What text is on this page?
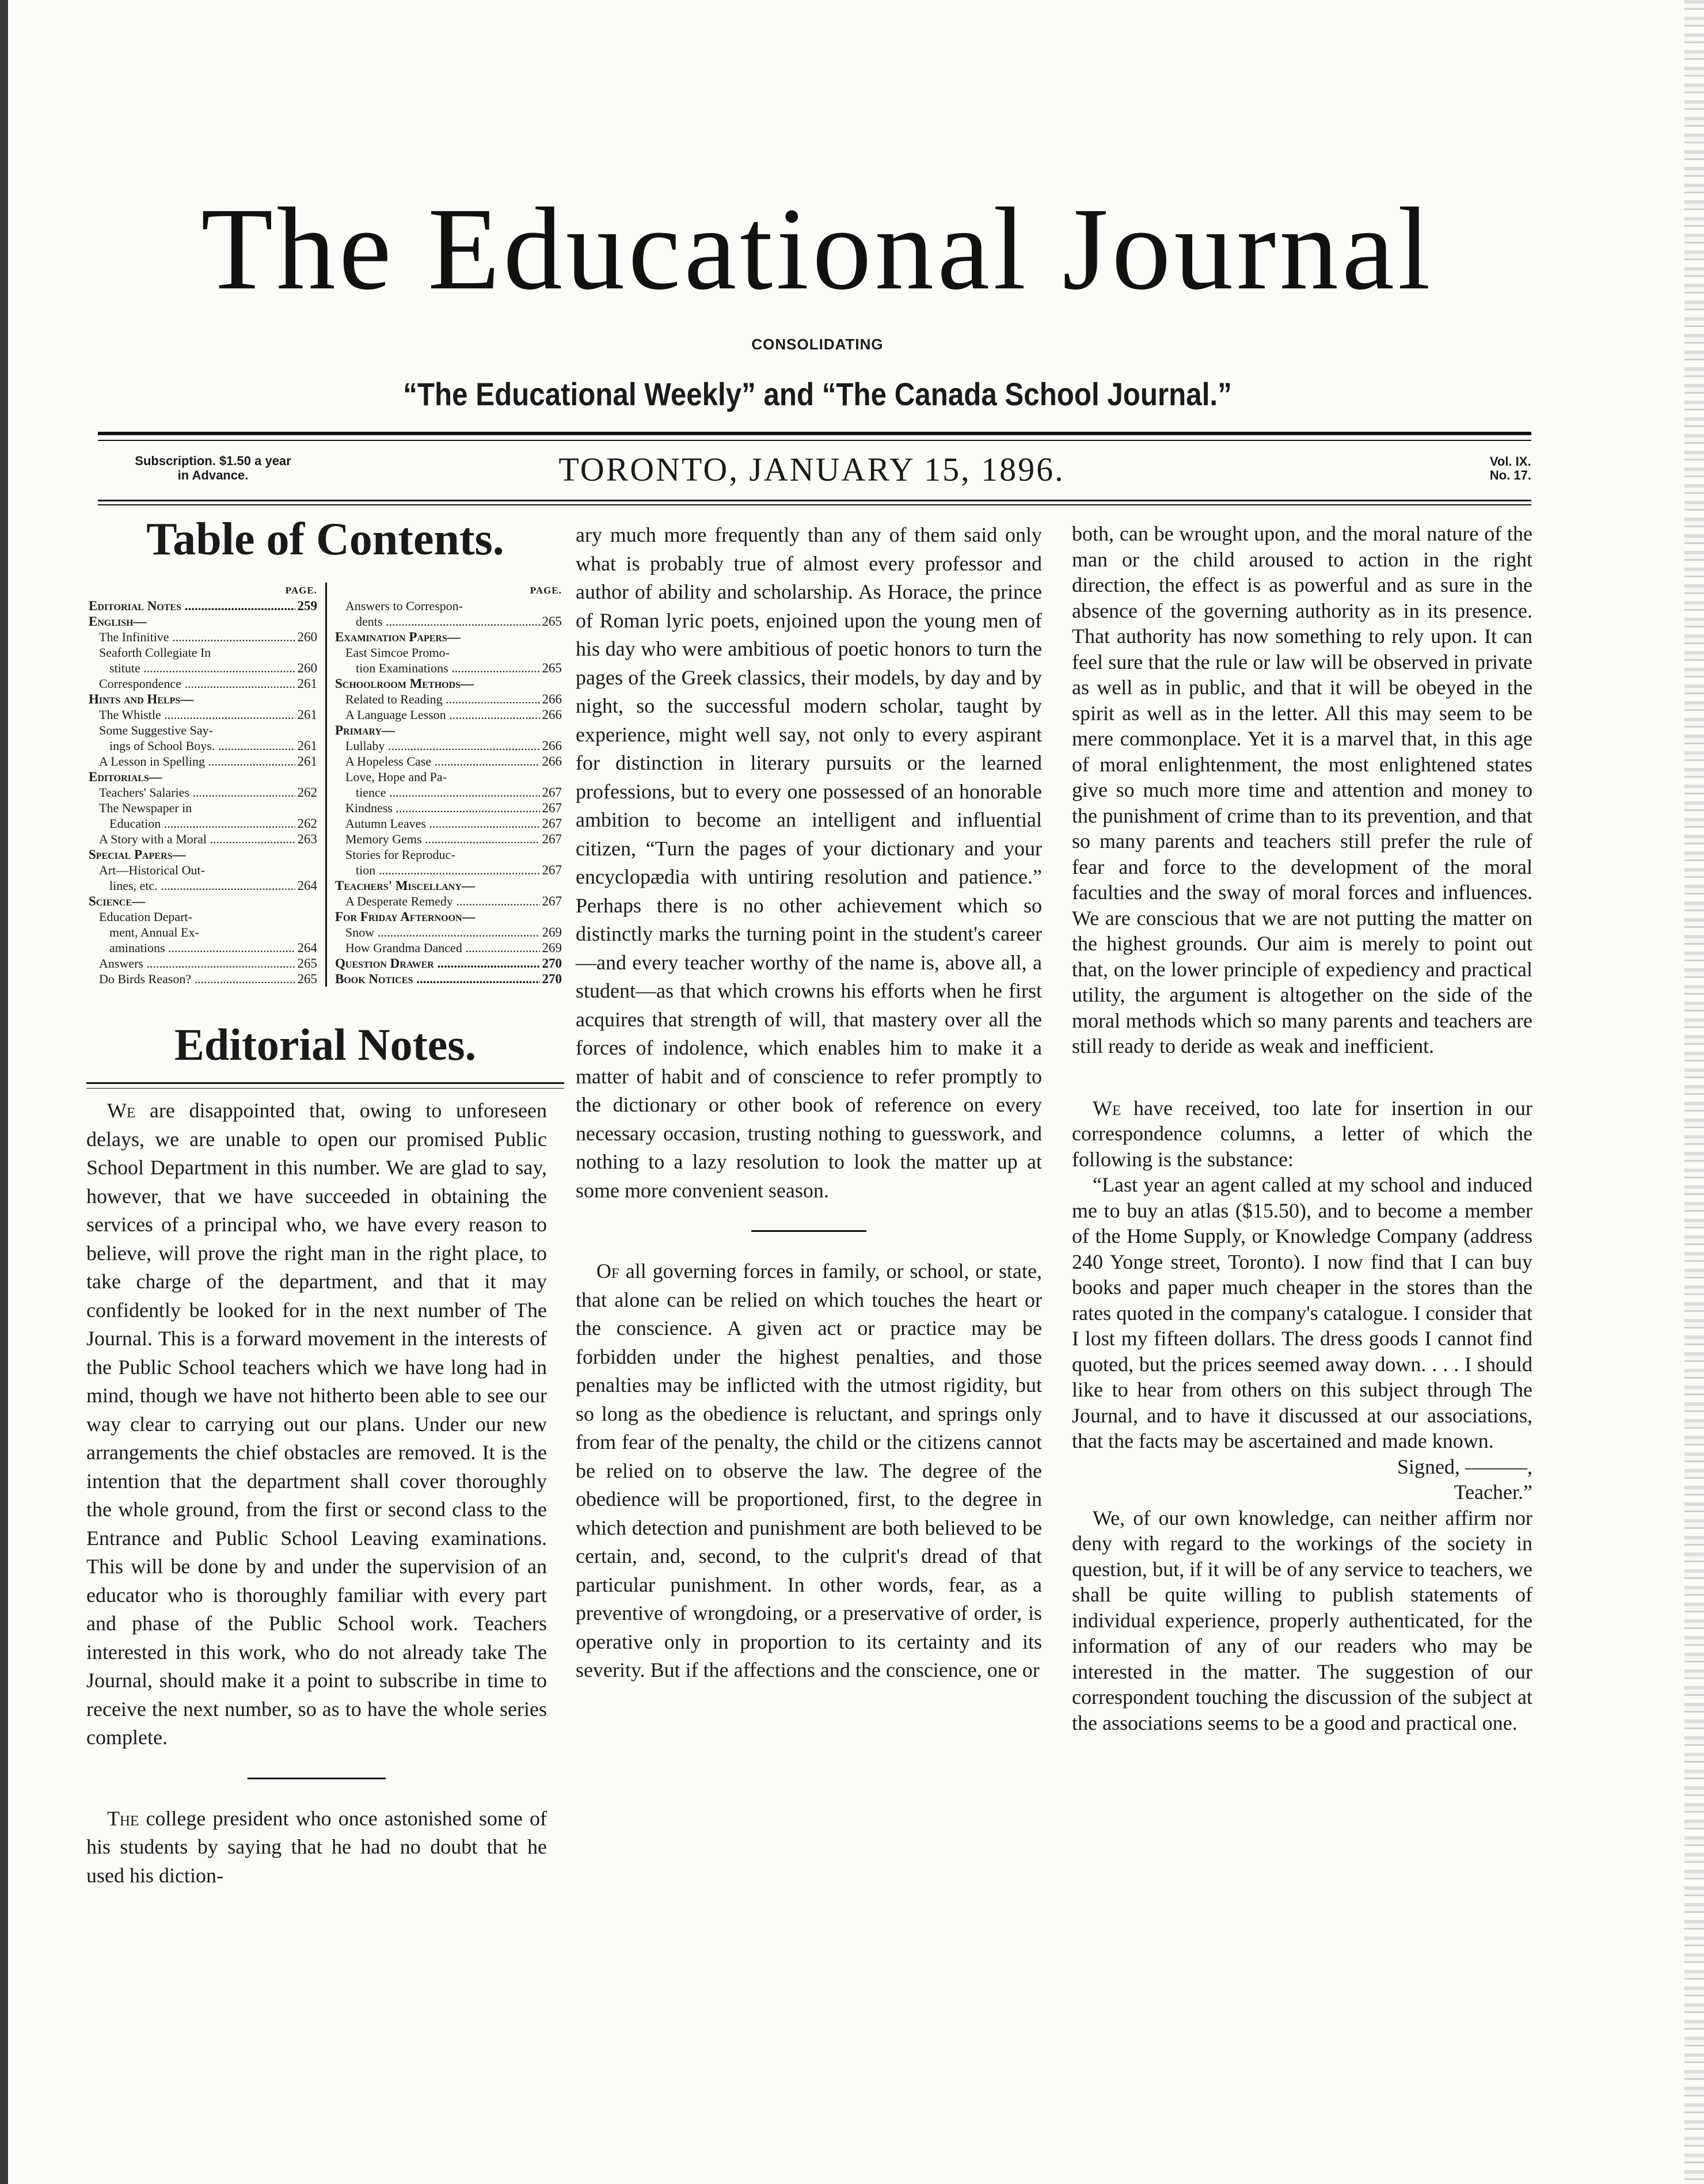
The Educational Journal
CONSOLIDATING
“The Educational Weekly” and “The Canada School Journal.”
Subscription. $1.50 a year
in Advance.	TORONTO, JANUARY 15, 1896.	Vol. IX.
No. 17.
Table of Contents.
PAGE.
Editorial Notes .....	259
English—
The Infinitive .....	260
Seaforth Collegiate In
stitute .....	260
Correspondence .....	261
Hints and Helps—
The Whistle .....	261
Some Suggestive Say-
ings of School Boys. .....	261
A Lesson in Spelling .....	261
Editorials—
Teachers' Salaries .....	262
The Newspaper in
Education .....	262
A Story with a Moral .....	263
Special Papers—
Art—Historical Out-
lines, etc. .....	264
Science—
Education Depart-
ment, Annual Ex-
aminations .....	264
Answers .....	265
Do Birds Reason? .....	265
PAGE.
Answers to Correspon-
dents .....	265
Examination Papers—
East Simcoe Promo-
tion Examinations .....	265
Schoolroom Methods—
Related to Reading .....	266
A Language Lesson .....	266
Primary—
Lullaby .....	266
A Hopeless Case .....	266
Love, Hope and Pa-
tience .....	267
Kindness .....	267
Autumn Leaves .....	267
Memory Gems .....	267
Stories for Reproduc-
tion .....	267
Teachers' Miscellany—
A Desperate Remedy .....	267
For Friday Afternoon—
Snow .....	269
How Grandma Danced .....	269
Question Drawer .....	270
Book Notices .....	270
Editorial Notes.

We are disappointed that, owing to unforeseen delays, we are unable to open our promised Public School Department in this number. We are glad to say, however, that we have succeeded in obtaining the services of a principal who, we have every reason to believe, will prove the right man in the right place, to take charge of the department, and that it may confidently be looked for in the next number of The Journal. This is a forward movement in the interests of the Public School teachers which we have long had in mind, though we have not hitherto been able to see our way clear to carrying out our plans. Under our new arrangements the chief obstacles are removed. It is the intention that the department shall cover thoroughly the whole ground, from the first or second class to the Entrance and Public School Leaving examinations. This will be done by and under the supervision of an educator who is thoroughly familiar with every part and phase of the Public School work. Teachers interested in this work, who do not already take The Journal, should make it a point to subscribe in time to receive the next number, so as to have the whole series complete.

The college president who once astonished some of his students by saying that he had no doubt that he used his diction-

ary much more frequently than any of them said only what is probably true of almost every professor and author of ability and scholarship. As Horace, the prince of Roman lyric poets, enjoined upon the young men of his day who were ambitious of poetic honors to turn the pages of the Greek classics, their models, by day and by night, so the successful modern scholar, taught by experience, might well say, not only to every aspirant for distinction in literary pursuits or the learned professions, but to every one possessed of an honorable ambition to become an intelligent and influential citizen, “Turn the pages of your dictionary and your encyclopædia with untiring resolution and patience.” Perhaps there is no other achievement which so distinctly marks the turning point in the student's career—and every teacher worthy of the name is, above all, a student—as that which crowns his efforts when he first acquires that strength of will, that mastery over all the forces of indolence, which enables him to make it a matter of habit and of conscience to refer promptly to the dictionary or other book of reference on every necessary occasion, trusting nothing to guesswork, and nothing to a lazy resolution to look the matter up at some more convenient season.

Of all governing forces in family, or school, or state, that alone can be relied on which touches the heart or the conscience. A given act or practice may be forbidden under the highest penalties, and those penalties may be inflicted with the utmost rigidity, but so long as the obedience is reluctant, and springs only from fear of the penalty, the child or the citizens cannot be relied on to observe the law. The degree of the obedience will be proportioned, first, to the degree in which detection and punishment are both believed to be certain, and, second, to the culprit's dread of that particular punishment. In other words, fear, as a preventive of wrongdoing, or a preservative of order, is operative only in proportion to its certainty and its severity. But if the affections and the conscience, one or

both, can be wrought upon, and the moral nature of the man or the child aroused to action in the right direction, the effect is as powerful and as sure in the absence of the governing authority as in its presence. That authority has now something to rely upon. It can feel sure that the rule or law will be observed in private as well as in public, and that it will be obeyed in the spirit as well as in the letter. All this may seem to be mere commonplace. Yet it is a marvel that, in this age of moral enlightenment, the most enlightened states give so much more time and attention and money to the punishment of crime than to its prevention, and that so many parents and teachers still prefer the rule of fear and force to the development of the moral faculties and the sway of moral forces and influences. We are conscious that we are not putting the matter on the highest grounds. Our aim is merely to point out that, on the lower principle of expediency and practical utility, the argument is altogether on the side of the moral methods which so many parents and teachers are still ready to deride as weak and inefficient.

We have received, too late for insertion in our correspondence columns, a letter of which the following is the substance:

“Last year an agent called at my school and induced me to buy an atlas ($15.50), and to become a member of the Home Supply, or Knowledge Company (address 240 Yonge street, Toronto). I now find that I can buy books and paper much cheaper in the stores than the rates quoted in the company's catalogue. I consider that I lost my fifteen dollars. The dress goods I cannot find quoted, but the prices seemed away down. . . . I should like to hear from others on this subject through The Journal, and to have it discussed at our associations, that the facts may be ascertained and made known.

Signed, ———,

Teacher.”

We, of our own knowledge, can neither affirm nor deny with regard to the workings of the society in question, but, if it will be of any service to teachers, we shall be quite willing to publish statements of individual experience, properly authenticated, for the information of any of our readers who may be interested in the matter. The suggestion of our correspondent touching the discussion of the subject at the associations seems to be a good and practical one.
